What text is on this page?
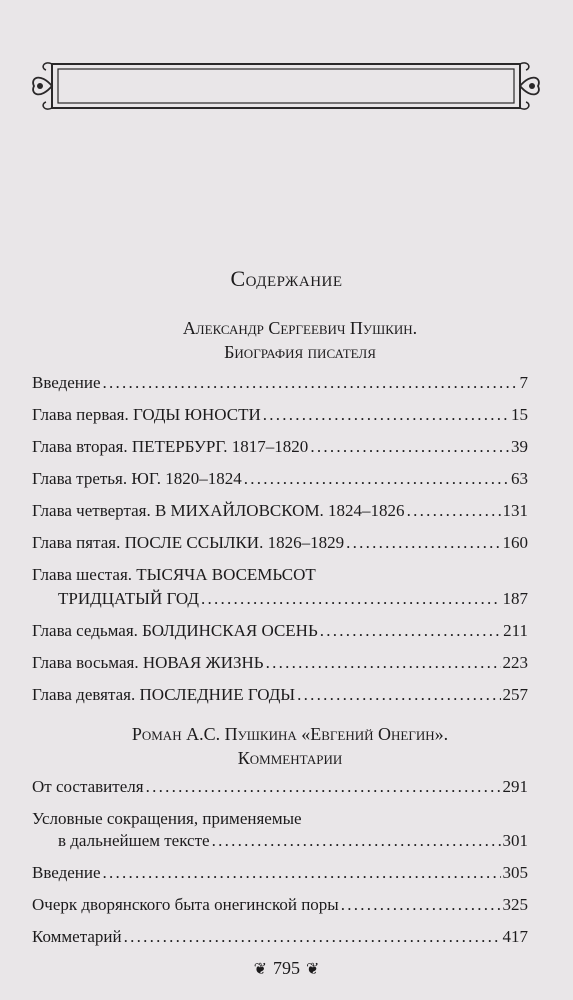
Содержание
Александр Сергеевич Пушкин.
Биография писателя
Введение . . .	7
Глава первая. ГОДЫ ЮНОСТИ . . .	15
Глава вторая. ПЕТЕРБУРГ. 1817–1820 . . .	39
Глава третья. ЮГ. 1820–1824 . . .	63
Глава четвертая. В МИХАЙЛОВСКОМ. 1824–1826 . . .	131
Глава пятая. ПОСЛЕ ССЫЛКИ. 1826–1829 . . .	160
Глава шестая. ТЫСЯЧА ВОСЕМЬСОТ
ТРИДЦАТЫЙ ГОД . . .	187
Глава седьмая. БОЛДИНСКАЯ ОСЕНЬ . . .	211
Глава восьмая. НОВАЯ ЖИЗНЬ . . .	223
Глава девятая. ПОСЛЕДНИЕ ГОДЫ . . .	257
Роман А.С. Пушкина «Евгений Онегин».
Комментарии
От составителя . . .	291
Условные сокращения, применяемые
в дальнейшем тексте . . .	301
Введение . . .	305
Очерк дворянского быта онегинской поры . . .	325
Комметарий . . .	417
❦ 795 ❦
